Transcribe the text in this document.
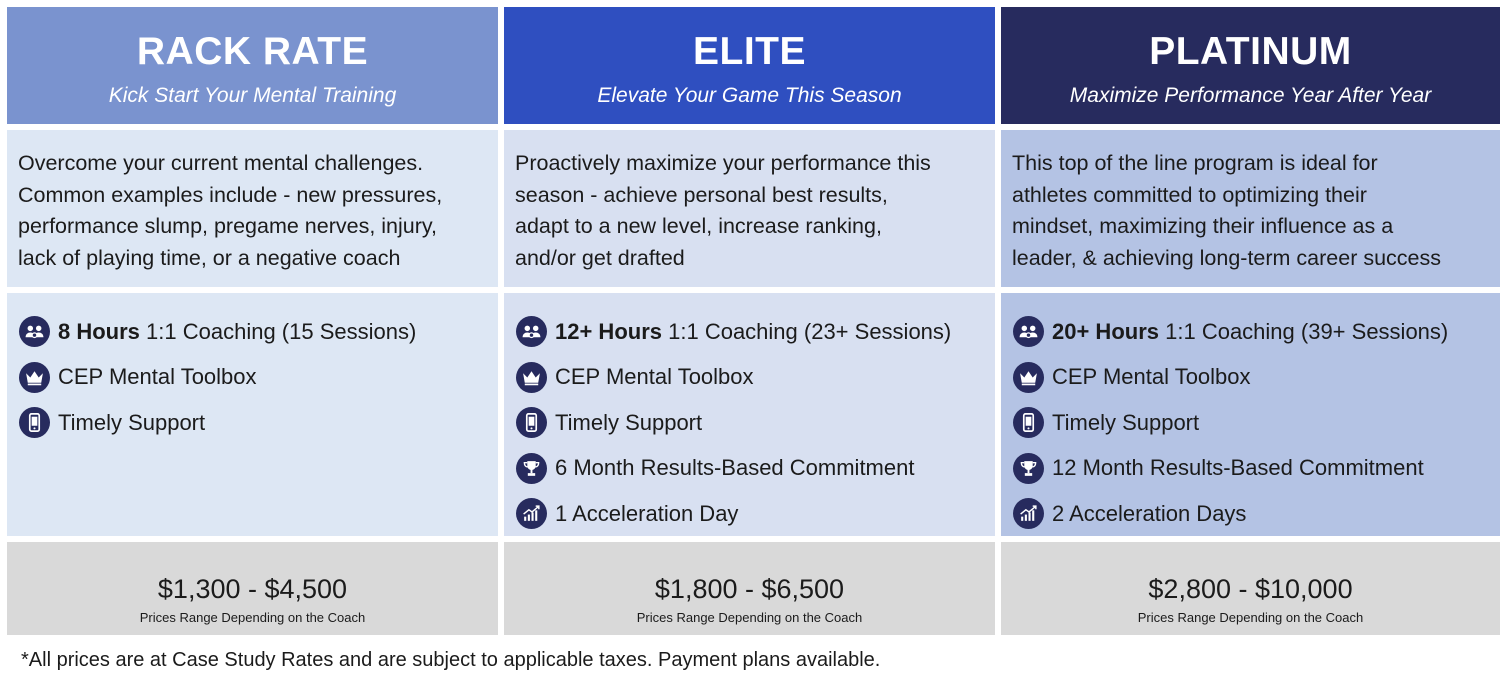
RACK RATE
Kick Start Your Mental Training
ELITE
Elevate Your Game This Season
PLATINUM
Maximize Performance Year After Year
Overcome your current mental challenges.
Common examples include - new pressures,
performance slump, pregame nerves, injury,
lack of playing time, or a negative coach
Proactively maximize your performance this
season - achieve personal best results,
adapt to a new level, increase ranking,
and/or get drafted
This top of the line program is ideal for
athletes committed to optimizing their
mindset, maximizing their influence as a
leader, & achieving long-term career success
8 Hours
1:1 Coaching (15 Sessions)
CEP Mental Toolbox
Timely Support
12+ Hours
1:1 Coaching (23+ Sessions)
CEP Mental Toolbox
Timely Support
6 Month Results-Based Commitment
1 Acceleration Day
20+ Hours
1:1 Coaching (39+ Sessions)
CEP Mental Toolbox
Timely Support
12 Month Results-Based Commitment
2 Acceleration Days
$1,300 - $4,500
Prices Range Depending on the Coach
$1,800 - $6,500
Prices Range Depending on the Coach
$2,800 - $10,000
Prices Range Depending on the Coach
*All prices are at Case Study Rates and are subject to applicable taxes. Payment plans available.
